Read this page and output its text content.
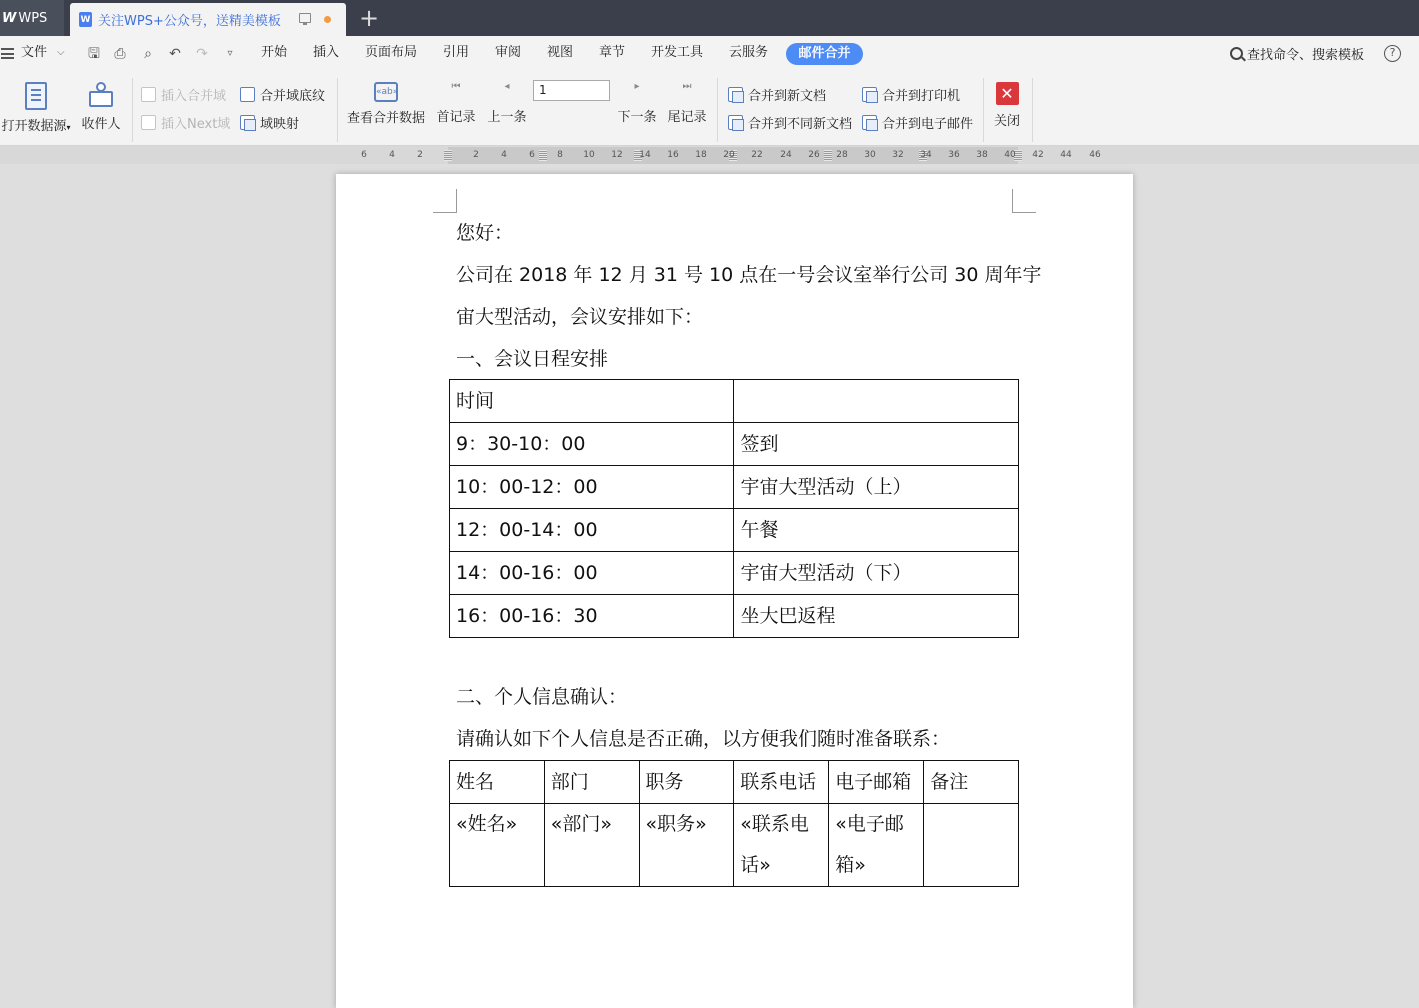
W WPS	W 关注WPS+公众号，送精美模板	+
文件 ⌵ 🖫 ⎙ ⌕ ↶ ↷	▿	开始 插入 页面布局 引用 审阅 视图 章节 开发工具 云服务	邮件合并	查找命令、搜索模板	?
打开数据源▾ 收件人
插入合并域
插入Next域
合并域底纹
域映射
«ab»
查看合并数据
⏮
首记录
◂
上一条
1	▸
下一条
⏭
尾记录
合并到新文档
合并到不同新文档
合并到打印机
合并到电子邮件
✕
关闭
6	4	2	2	4	6	8	10	12	14	16	18	20	22	24	26	28	30	32	34	36	38	40	42	44	46
您好：
公司在 2018 年 12 月 31 号 10 点在一号会议室举行公司 30 周年宇
宙大型活动，会议安排如下：
一、会议日程安排
时间	
9：30-10：00	签到
10：00-12：00	宇宙大型活动（上）
12：00-14：00	午餐
14：00-16：00	宇宙大型活动（下）
16：00-16：30	坐大巴返程
二、个人信息确认：
请确认如下个人信息是否正确，以方便我们随时准备联系：
姓名	部门	职务	联系电话	电子邮箱	备注
«姓名»	«部门»	«职务»	«联系电话»	«电子邮箱»	
